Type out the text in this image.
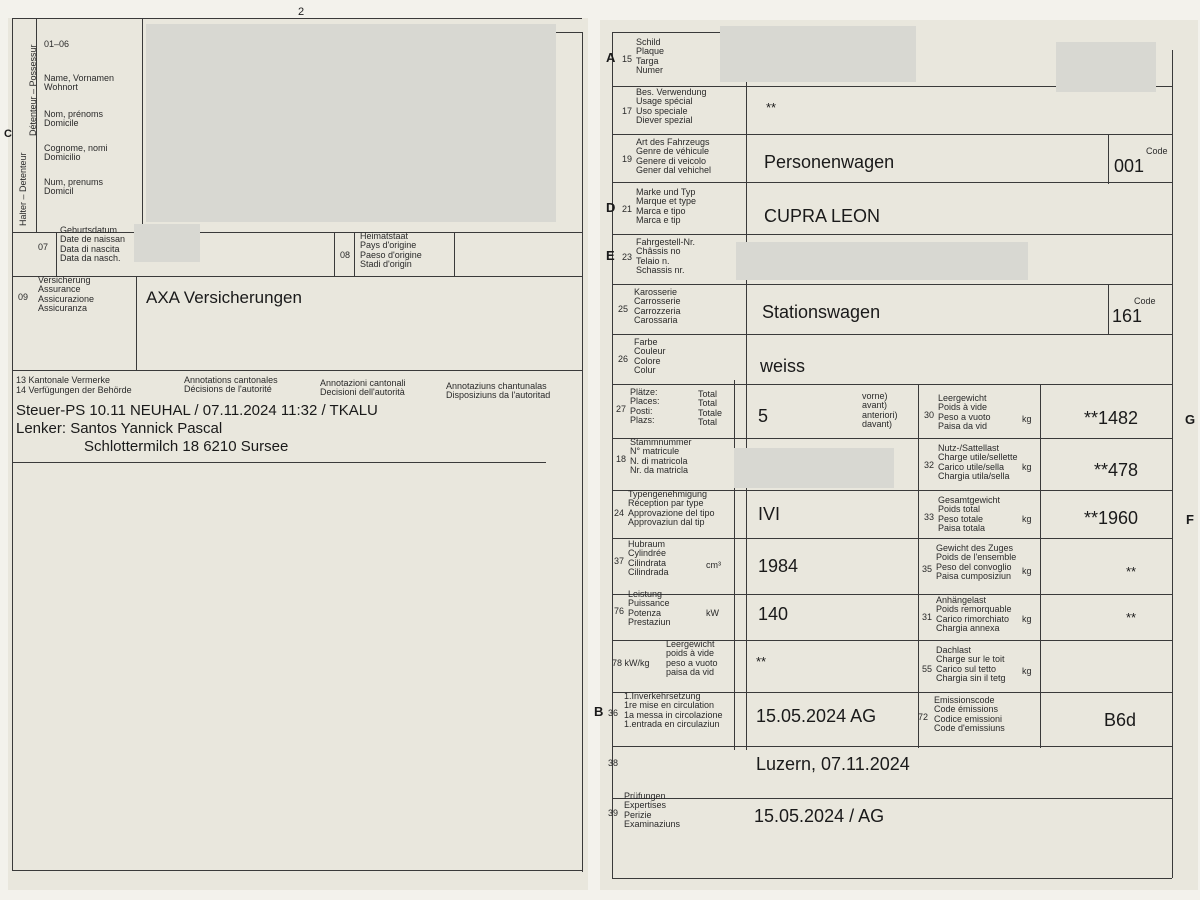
2
C
Halter – Detenteur
Détenteur – Possessur
01–06
Name, Vornamen
Wohnort
Nom, prénoms
Domicile
Cognome, nomi
Domicilio
Num, prenums
Domicil
07
Geburtsdatum
Date de naissan
Data di nascita
Data da nasch.	08
Heimatstaat
Pays d'origine
Paeso d'origine
Stadi d'origin
09
Versicherung
Assurance
Assicurazione
Assicuranza
AXA Versicherungen
13 Kantonale Vermerke
14 Verfügungen der Behörde
Annotations cantonales
Décisions de l'autorité
Annotazioni cantonali
Decisioni dell'autorità
Annotaziuns chantunalas
Disposiziuns da l'autoritad
Steuer-PS 10.11 NEUHAL / 07.11.2024 11:32 / TKALU
Lenker: Santos Yannick Pascal
Schlottermilch 18 6210 Sursee
A 15
Schild
Plaque
Targa
Numer
17
Bes. Verwendung
Usage spécial
Uso speciale
Diever spezial
**
19
Art des Fahrzeugs
Genre de véhicule
Genere di veicolo
Gener dal vehichel	Personenwagen
Code
001
D 21
Marke und Typ
Marque et type
Marca e tipo
Marca e tip	CUPRA LEON
E 23
Fahrgestell-Nr.
Châssis no
Telaio n.
Schassis nr.
25
Karosserie
Carrosserie
Carrozzeria
Carossaria	Stationswagen
Code
161
26
Farbe
Couleur
Colore
Colur	weiss
27
Plätze:
Places:
Posti:
Plazs:
Total
Total
Totale
Total 5
vorne)
avant)
anteriori)
davant)
30
Leergewicht
Poids à vide
Peso a vuoto
Paisa da vid
kg	**1482	G
18
Stammnummer
N° matricule
N. di matricola
Nr. da matricla	32
Nutz-/Sattellast
Charge utile/sellette
Carico utile/sella
Chargia utila/sella
kg	**478
24
Typengenehmigung
Réception par type
Approvazione del tipo
Approvaziun dal tip	IVI	33
Gesamtgewicht
Poids total
Peso totale
Paisa totala
kg	**1960	F
37
Hubraum
Cylindrée
Cilindrata
Cilindrada
cm³ 1984	35
Gewicht des Zuges
Poids de l'ensemble
Peso del convoglio
Paisa cumposiziun	kg	**
76
Leistung
Puissance
Potenza
Prestaziun
kW 140	31
Anhängelast
Poids remorquable
Carico rimorchiato
Chargia annexa
kg	**
78 kW/kg
Leergewicht
poids à vide
peso a vuoto
paisa da vid
**	55
Dachlast
Charge sur le toit
Carico sul tetto
Chargia sin il tetg
kg
B 36
1.Inverkehrsetzung
1re mise en circulation
1a messa in circolazione
1.entrada en circulaziun 15.05.2024 AG	72
Emissionscode
Code émissions
Codice emissioni
Code d'emissiuns	B6d
38	Luzern, 07.11.2024
39
Prüfungen
Expertises
Perizie
Examinaziuns	15.05.2024 / AG
